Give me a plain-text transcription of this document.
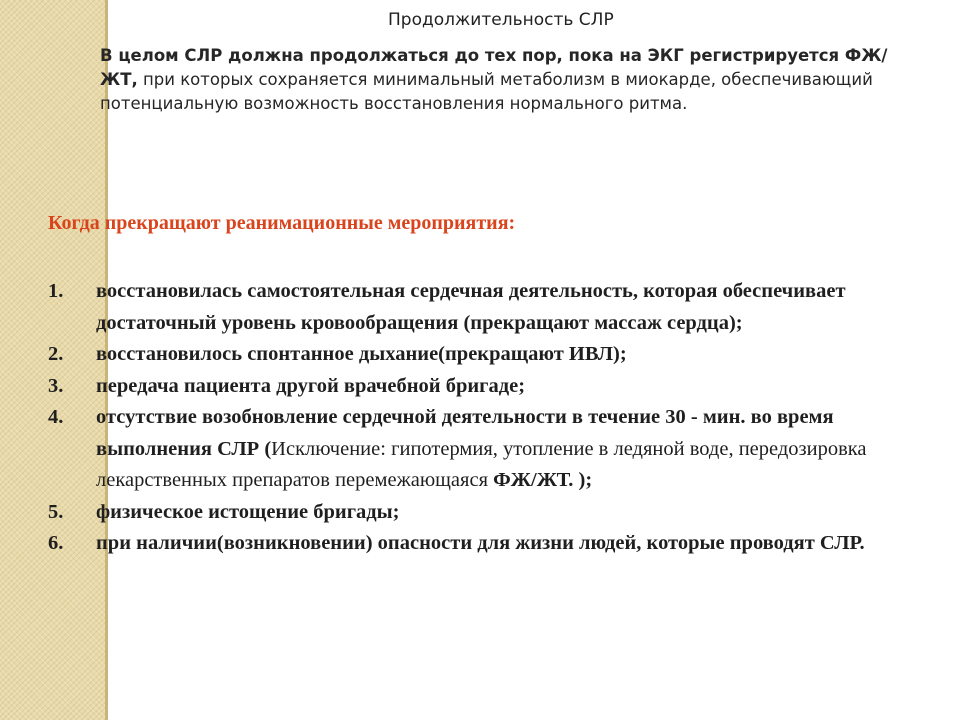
Продолжительность СЛР
В целом СЛР должна продолжаться до тех пор, пока на ЭКГ регистрируется ФЖ/ЖТ, при которых сохраняется минимальный метаболизм в миокарде, обеспечивающий потенциальную возможность восстановления нормального ритма.
Когда прекращают реанимационные мероприятия:
1. восстановилась самостоятельная сердечная деятельность, которая обеспечивает достаточный уровень кровообращения (прекращают массаж сердца);
2. восстановилось спонтанное дыхание(прекращают ИВЛ);
3. передача пациента другой врачебной бригаде;
4. отсутствие возобновление сердечной деятельности в течение 30 - мин. во время выполнения СЛР (Исключение: гипотермия, утопление в ледяной воде, передозировка лекарственных препаратов перемежающаяся ФЖ/ЖТ. );
5. физическое истощение бригады;
6. при наличии(возникновении) опасности для жизни людей, которые проводят СЛР.
